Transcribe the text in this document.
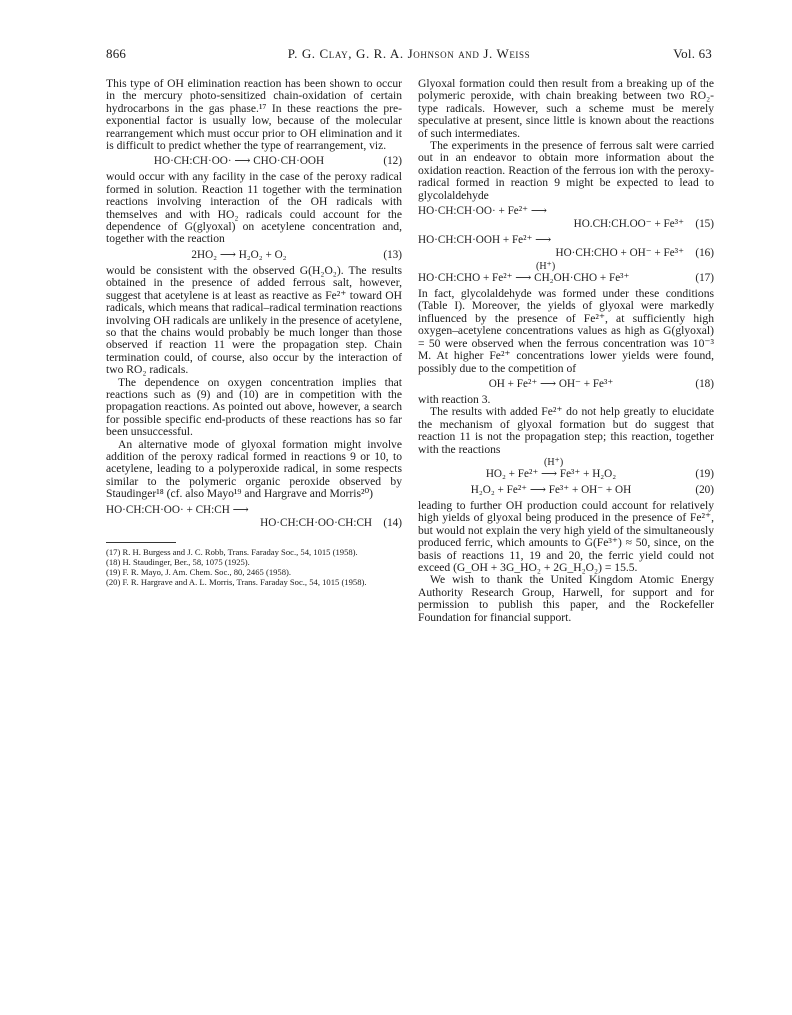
866	P. G. Clay, G. R. A. Johnson and J. Weiss	Vol. 63

This type of OH elimination reaction has been shown to occur in the mercury photo-sensitized chain-oxidation of certain hydrocarbons in the gas phase.¹⁷ In these reactions the pre-exponential factor is usually low, because of the molecular rearrangement which must occur prior to OH elimination and it is difficult to predict whether the type of rearrangement, viz.

HO·CH:CH·OO· ⟶ CHO·CH·OOH	(12)

would occur with any facility in the case of the peroxy radical formed in solution. Reaction 11 together with the termination reactions involving interaction of the OH radicals with themselves and with HO₂ radicals could account for the dependence of G(glyoxal) on acetylene concentration and, together with the reaction

2HO₂ ⟶ H₂O₂ + O₂	(13)

would be consistent with the observed G(H₂O₂). The results obtained in the presence of added ferrous salt, however, suggest that acetylene is at least as reactive as Fe²⁺ toward OH radicals, which means that radical–radical termination reactions involving OH radicals are unlikely in the presence of acetylene, so that the chains would probably be much longer than those observed if reaction 11 were the propagation step. Chain termination could, of course, also occur by the interaction of two RO₂ radicals.

The dependence on oxygen concentration implies that reactions such as (9) and (10) are in competition with the propagation reactions. As pointed out above, however, a search for possible specific end-products of these reactions has so far been unsuccessful.

An alternative mode of glyoxal formation might involve addition of the peroxy radical formed in reactions 9 or 10, to acetylene, leading to a polyperoxide radical, in some respects similar to the polymeric organic peroxide observed by Staudinger¹⁸ (cf. also Mayo¹⁹ and Hargrave and Morris²⁰)

HO·CH:CH·OO· + CH:CH ⟶
HO·CH:CH·OO·CH:CH (14)

(17) R. H. Burgess and J. C. Robb, Trans. Faraday Soc., 54, 1015 (1958).

(18) H. Staudinger, Ber., 58, 1075 (1925).

(19) F. R. Mayo, J. Am. Chem. Soc., 80, 2465 (1958).

(20) F. R. Hargrave and A. L. Morris, Trans. Faraday Soc., 54, 1015 (1958).

Glyoxal formation could then result from a breaking up of the polymeric peroxide, with chain breaking between two RO₂-type radicals. However, such a scheme must be merely speculative at present, since little is known about the reactions of such intermediates.

The experiments in the presence of ferrous salt were carried out in an endeavor to obtain more information about the oxidation reaction. Reaction of the ferrous ion with the peroxy-radical formed in reaction 9 might be expected to lead to glycolaldehyde

HO·CH:CH·OO· + Fe²⁺ ⟶
HO.CH:CH.OO⁻ + Fe³⁺ (15)
HO·CH:CH·OOH + Fe²⁺ ⟶
HO·CH:CHO + OH⁻ + Fe³⁺ (16)
(H⁺)
HO·CH:CHO + Fe²⁺ ⟶ CH₂OH·CHO + Fe³⁺	(17)

In fact, glycolaldehyde was formed under these conditions (Table I). Moreover, the yields of glyoxal were markedly influenced by the presence of Fe²⁺, at sufficiently high oxygen–acetylene concentrations values as high as G(glyoxal) = 50 were observed when the ferrous concentration was 10⁻³ M. At higher Fe²⁺ concentrations lower yields were found, possibly due to the competition of

OH + Fe²⁺ ⟶ OH⁻ + Fe³⁺	(18)

with reaction 3.

The results with added Fe²⁺ do not help greatly to elucidate the mechanism of glyoxal formation but do suggest that reaction 11 is not the propagation step; this reaction, together with the reactions

(H⁺)
HO₂ + Fe²⁺ ⟶ Fe³⁺ + H₂O₂	(19)
H₂O₂ + Fe²⁺ ⟶ Fe³⁺ + OH⁻ + OH	(20)

leading to further OH production could account for relatively high yields of glyoxal being produced in the presence of Fe²⁺, but would not explain the very high yield of the simultaneously produced ferric, which amounts to G(Fe³⁺) ≈ 50, since, on the basis of reactions 11, 19 and 20, the ferric yield could not exceed (G_OH + 3G_HO₂ + 2G_H₂O₂) = 15.5.

We wish to thank the United Kingdom Atomic Energy Authority Research Group, Harwell, for support and for permission to publish this paper, and the Rockefeller Foundation for financial support.
